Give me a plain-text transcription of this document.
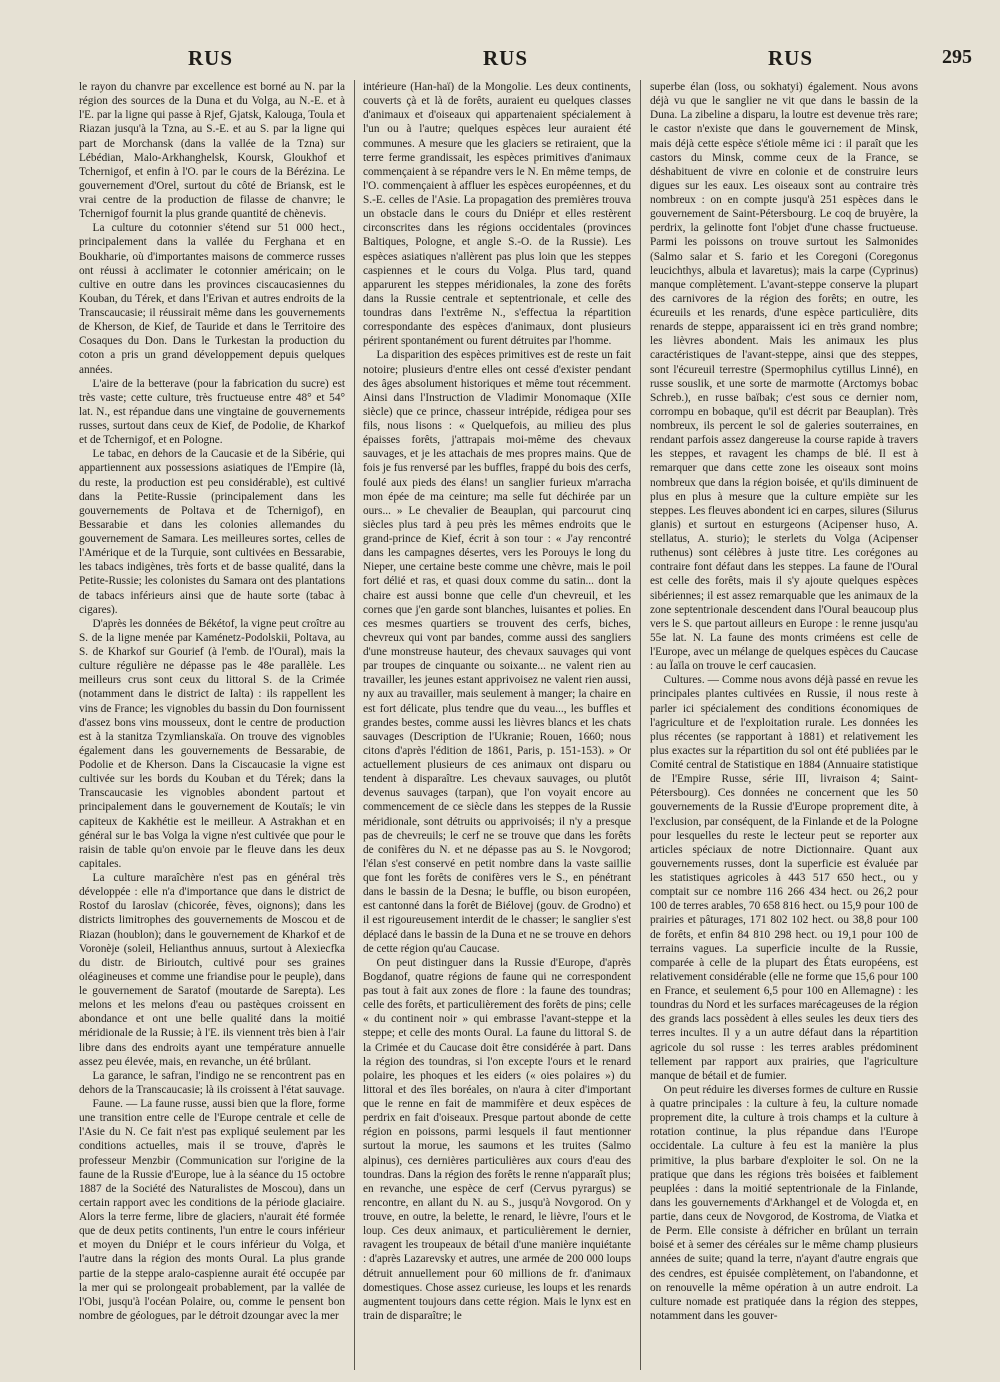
RUS	RUS	RUS	295

le rayon du chanvre par excellence est borné au N. par la région des sources de la Duna et du Volga, au N.-E. et à l'E. par la ligne qui passe à Rjef, Gjatsk, Kalouga, Toula et Riazan jusqu'à la Tzna, au S.-E. et au S. par la ligne qui part de Morchansk (dans la vallée de la Tzna) sur Lébédian, Malo-Arkhanghelsk, Koursk, Gloukhof et Tchernigof, et enfin à l'O. par le cours de la Bérézina. Le gouvernement d'Orel, surtout du côté de Briansk, est le vrai centre de la production de filasse de chanvre; le Tchernigof fournit la plus grande quantité de chènevis.

La culture du cotonnier s'étend sur 51 000 hect., principalement dans la vallée du Ferghana et en Boukharie, où d'importantes maisons de commerce russes ont réussi à acclimater le cotonnier américain; on le cultive en outre dans les provinces ciscaucasiennes du Kouban, du Térek, et dans l'Erivan et autres endroits de la Transcaucasie; il réussirait même dans les gouvernements de Kherson, de Kief, de Tauride et dans le Territoire des Cosaques du Don. Dans le Turkestan la production du coton a pris un grand développement depuis quelques années.

L'aire de la betterave (pour la fabrication du sucre) est très vaste; cette culture, très fructueuse entre 48° et 54° lat. N., est répandue dans une vingtaine de gouvernements russes, surtout dans ceux de Kief, de Podolie, de Kharkof et de Tchernigof, et en Pologne.

Le tabac, en dehors de la Caucasie et de la Sibérie, qui appartiennent aux possessions asiatiques de l'Empire (là, du reste, la production est peu considérable), est cultivé dans la Petite-Russie (principalement dans les gouvernements de Poltava et de Tchernigof), en Bessarabie et dans les colonies allemandes du gouvernement de Samara. Les meilleures sortes, celles de l'Amérique et de la Turquie, sont cultivées en Bessarabie, les tabacs indigènes, très forts et de basse qualité, dans la Petite-Russie; les colonistes du Samara ont des plantations de tabacs inférieurs ainsi que de haute sorte (tabac à cigares).

D'après les données de Békétof, la vigne peut croître au S. de la ligne menée par Kaménetz-Podolskii, Poltava, au S. de Kharkof sur Gourief (à l'emb. de l'Oural), mais la culture régulière ne dépasse pas le 48e parallèle. Les meilleurs crus sont ceux du littoral S. de la Crimée (notamment dans le district de Ialta) : ils rappellent les vins de France; les vignobles du bassin du Don fournissent d'assez bons vins mousseux, dont le centre de production est à la stanitza Tzymlianskaïa. On trouve des vignobles également dans les gouvernements de Bessarabie, de Podolie et de Kherson. Dans la Ciscaucasie la vigne est cultivée sur les bords du Kouban et du Térek; dans la Transcaucasie les vignobles abondent partout et principalement dans le gouvernement de Koutaïs; le vin capiteux de Kakhétie est le meilleur. A Astrakhan et en général sur le bas Volga la vigne n'est cultivée que pour le raisin de table qu'on envoie par le fleuve dans les deux capitales.

La culture maraîchère n'est pas en général très développée : elle n'a d'importance que dans le district de Rostof du Iaroslav (chicorée, fèves, oignons); dans les districts limitrophes des gouvernements de Moscou et de Riazan (houblon); dans le gouvernement de Kharkof et de Voronèje (soleil, Helianthus annuus, surtout à Alexiecfka du distr. de Birioutch, cultivé pour ses graines oléagineuses et comme une friandise pour le peuple), dans le gouvernement de Saratof (moutarde de Sarepta). Les melons et les melons d'eau ou pastèques croissent en abondance et ont une belle qualité dans la moitié méridionale de la Russie; à l'E. ils viennent très bien à l'air libre dans des endroits ayant une température annuelle assez peu élevée, mais, en revanche, un été brûlant.

La garance, le safran, l'indigo ne se rencontrent pas en dehors de la Transcaucasie; là ils croissent à l'état sauvage.

Faune. — La faune russe, aussi bien que la flore, forme une transition entre celle de l'Europe centrale et celle de l'Asie du N. Ce fait n'est pas expliqué seulement par les conditions actuelles, mais il se trouve, d'après le professeur Menzbir (Communication sur l'origine de la faune de la Russie d'Europe, lue à la séance du 15 octobre 1887 de la Société des Naturalistes de Moscou), dans un certain rapport avec les conditions de la période glaciaire. Alors la terre ferme, libre de glaciers, n'aurait été formée que de deux petits continents, l'un entre le cours inférieur et moyen du Dniépr et le cours inférieur du Volga, et l'autre dans la région des monts Oural. La plus grande partie de la steppe aralo-caspienne aurait été occupée par la mer qui se prolongeait probablement, par la vallée de l'Obi, jusqu'à l'océan Polaire, ou, comme le pensent bon nombre de géologues, par le détroit dzoungar avec la mer

intérieure (Han-haï) de la Mongolie. Les deux continents, couverts çà et là de forêts, auraient eu quelques classes d'animaux et d'oiseaux qui appartenaient spécialement à l'un ou à l'autre; quelques espèces leur auraient été communes. A mesure que les glaciers se retiraient, que la terre ferme grandissait, les espèces primitives d'animaux commençaient à se répandre vers le N. En même temps, de l'O. commençaient à affluer les espèces européennes, et du S.-E. celles de l'Asie. La propagation des premières trouva un obstacle dans le cours du Dniépr et elles restèrent circonscrites dans les régions occidentales (provinces Baltiques, Pologne, et angle S.-O. de la Russie). Les espèces asiatiques n'allèrent pas plus loin que les steppes caspiennes et le cours du Volga. Plus tard, quand apparurent les steppes méridionales, la zone des forêts dans la Russie centrale et septentrionale, et celle des toundras dans l'extrême N., s'effectua la répartition correspondante des espèces d'animaux, dont plusieurs périrent spontanément ou furent détruites par l'homme.

La disparition des espèces primitives est de reste un fait notoire; plusieurs d'entre elles ont cessé d'exister pendant des âges absolument historiques et même tout récemment. Ainsi dans l'Instruction de Vladimir Monomaque (XIIe siècle) que ce prince, chasseur intrépide, rédigea pour ses fils, nous lisons : « Quelquefois, au milieu des plus épaisses forêts, j'attrapais moi-même des chevaux sauvages, et je les attachais de mes propres mains. Que de fois je fus renversé par les buffles, frappé du bois des cerfs, foulé aux pieds des élans! un sanglier furieux m'arracha mon épée de ma ceinture; ma selle fut déchirée par un ours... » Le chevalier de Beauplan, qui parcourut cinq siècles plus tard à peu près les mêmes endroits que le grand-prince de Kief, écrit à son tour : « J'ay rencontré dans les campagnes désertes, vers les Porouys le long du Nieper, une certaine beste comme une chèvre, mais le poil fort délié et ras, et quasi doux comme du satin... dont la chaire est aussi bonne que celle d'un chevreuil, et les cornes que j'en garde sont blanches, luisantes et polies. En ces mesmes quartiers se trouvent des cerfs, biches, chevreux qui vont par bandes, comme aussi des sangliers d'une monstreuse hauteur, des chevaux sauvages qui vont par troupes de cinquante ou soixante... ne valent rien au travailler, les jeunes estant apprivoisez ne valent rien aussi, ny aux au travailler, mais seulement à manger; la chaire en est fort délicate, plus tendre que du veau..., les buffles et grandes bestes, comme aussi les lièvres blancs et les chats sauvages (Description de l'Ukranie; Rouen, 1660; nous citons d'après l'édition de 1861, Paris, p. 151-153). » Or actuellement plusieurs de ces animaux ont disparu ou tendent à disparaître. Les chevaux sauvages, ou plutôt devenus sauvages (tarpan), que l'on voyait encore au commencement de ce siècle dans les steppes de la Russie méridionale, sont détruits ou apprivoisés; il n'y a presque pas de chevreuils; le cerf ne se trouve que dans les forêts de conifères du N. et ne dépasse pas au S. le Novgorod; l'élan s'est conservé en petit nombre dans la vaste saillie que font les forêts de conifères vers le S., en pénétrant dans le bassin de la Desna; le buffle, ou bison européen, est cantonné dans la forêt de Biélovej (gouv. de Grodno) et il est rigoureusement interdit de le chasser; le sanglier s'est déplacé dans le bassin de la Duna et ne se trouve en dehors de cette région qu'au Caucase.

On peut distinguer dans la Russie d'Europe, d'après Bogdanof, quatre régions de faune qui ne correspondent pas tout à fait aux zones de flore : la faune des toundras; celle des forêts, et particulièrement des forêts de pins; celle « du continent noir » qui embrasse l'avant-steppe et la steppe; et celle des monts Oural. La faune du littoral S. de la Crimée et du Caucase doit être considérée à part. Dans la région des toundras, si l'on excepte l'ours et le renard polaire, les phoques et les eiders (« oies polaires ») du littoral et des îles boréales, on n'aura à citer d'important que le renne en fait de mammifère et deux espèces de perdrix en fait d'oiseaux. Presque partout abonde de cette région en poissons, parmi lesquels il faut mentionner surtout la morue, les saumons et les truites (Salmo alpinus), ces dernières particulières aux cours d'eau des toundras. Dans la région des forêts le renne n'apparaît plus; en revanche, une espèce de cerf (Cervus pyrargus) se rencontre, en allant du N. au S., jusqu'à Novgorod. On y trouve, en outre, la belette, le renard, le lièvre, l'ours et le loup. Ces deux animaux, et particulièrement le dernier, ravagent les troupeaux de bétail d'une manière inquiétante : d'après Lazarevsky et autres, une armée de 200 000 loups détruit annuellement pour 60 millions de fr. d'animaux domestiques. Chose assez curieuse, les loups et les renards augmentent toujours dans cette région. Mais le lynx est en train de disparaître; le

superbe élan (loss, ou sokhatyi) également. Nous avons déjà vu que le sanglier ne vit que dans le bassin de la Duna. La zibeline a disparu, la loutre est devenue très rare; le castor n'existe que dans le gouvernement de Minsk, mais déjà cette espèce s'étiole même ici : il paraît que les castors du Minsk, comme ceux de la France, se déshabituent de vivre en colonie et de construire leurs digues sur les eaux. Les oiseaux sont au contraire très nombreux : on en compte jusqu'à 251 espèces dans le gouvernement de Saint-Pétersbourg. Le coq de bruyère, la perdrix, la gelinotte font l'objet d'une chasse fructueuse. Parmi les poissons on trouve surtout les Salmonides (Salmo salar et S. fario et les Coregoni (Coregonus leucichthys, albula et lavaretus); mais la carpe (Cyprinus) manque complètement. L'avant-steppe conserve la plupart des carnivores de la région des forêts; en outre, les écureuils et les renards, d'une espèce particulière, dits renards de steppe, apparaissent ici en très grand nombre; les lièvres abondent. Mais les animaux les plus caractéristiques de l'avant-steppe, ainsi que des steppes, sont l'écureuil terrestre (Spermophilus cytillus Linné), en russe souslik, et une sorte de marmotte (Arctomys bobac Schreb.), en russe baïbak; c'est sous ce dernier nom, corrompu en bobaque, qu'il est décrit par Beauplan). Très nombreux, ils percent le sol de galeries souterraines, en rendant parfois assez dangereuse la course rapide à travers les steppes, et ravagent les champs de blé. Il est à remarquer que dans cette zone les oiseaux sont moins nombreux que dans la région boisée, et qu'ils diminuent de plus en plus à mesure que la culture empiète sur les steppes. Les fleuves abondent ici en carpes, silures (Silurus glanis) et surtout en esturgeons (Acipenser huso, A. stellatus, A. sturio); le sterlets du Volga (Acipenser ruthenus) sont célèbres à juste titre. Les corégones au contraire font défaut dans les steppes. La faune de l'Oural est celle des forêts, mais il s'y ajoute quelques espèces sibériennes; il est assez remarquable que les animaux de la zone septentrionale descendent dans l'Oural beaucoup plus vers le S. que partout ailleurs en Europe : le renne jusqu'au 55e lat. N. La faune des monts criméens est celle de l'Europe, avec un mélange de quelques espèces du Caucase : au Ïaïla on trouve le cerf caucasien.

Cultures. — Comme nous avons déjà passé en revue les principales plantes cultivées en Russie, il nous reste à parler ici spécialement des conditions économiques de l'agriculture et de l'exploitation rurale. Les données les plus récentes (se rapportant à 1881) et relativement les plus exactes sur la répartition du sol ont été publiées par le Comité central de Statistique en 1884 (Annuaire statistique de l'Empire Russe, série III, livraison 4; Saint-Pétersbourg). Ces données ne concernent que les 50 gouvernements de la Russie d'Europe proprement dite, à l'exclusion, par conséquent, de la Finlande et de la Pologne pour lesquelles du reste le lecteur peut se reporter aux articles spéciaux de notre Dictionnaire. Quant aux gouvernements russes, dont la superficie est évaluée par les statistiques agricoles à 443 517 650 hect., ou y comptait sur ce nombre 116 266 434 hect. ou 26,2 pour 100 de terres arables, 70 658 816 hect. ou 15,9 pour 100 de prairies et pâturages, 171 802 102 hect. ou 38,8 pour 100 de forêts, et enfin 84 810 298 hect. ou 19,1 pour 100 de terrains vagues. La superficie inculte de la Russie, comparée à celle de la plupart des États européens, est relativement considérable (elle ne forme que 15,6 pour 100 en France, et seulement 6,5 pour 100 en Allemagne) : les toundras du Nord et les surfaces marécageuses de la région des grands lacs possèdent à elles seules les deux tiers des terres incultes. Il y a un autre défaut dans la répartition agricole du sol russe : les terres arables prédominent tellement par rapport aux prairies, que l'agriculture manque de bétail et de fumier.

On peut réduire les diverses formes de culture en Russie à quatre principales : la culture à feu, la culture nomade proprement dite, la culture à trois champs et la culture à rotation continue, la plus répandue dans l'Europe occidentale. La culture à feu est la manière la plus primitive, la plus barbare d'exploiter le sol. On ne la pratique que dans les régions très boisées et faiblement peuplées : dans la moitié septentrionale de la Finlande, dans les gouvernements d'Arkhangel et de Vologda et, en partie, dans ceux de Novgorod, de Kostroma, de Viatka et de Perm. Elle consiste à défricher en brûlant un terrain boisé et à semer des céréales sur le même champ plusieurs années de suite; quand la terre, n'ayant d'autre engrais que des cendres, est épuisée complètement, on l'abandonne, et on renouvelle la même opération à un autre endroit. La culture nomade est pratiquée dans la région des steppes, notamment dans les gouver-
